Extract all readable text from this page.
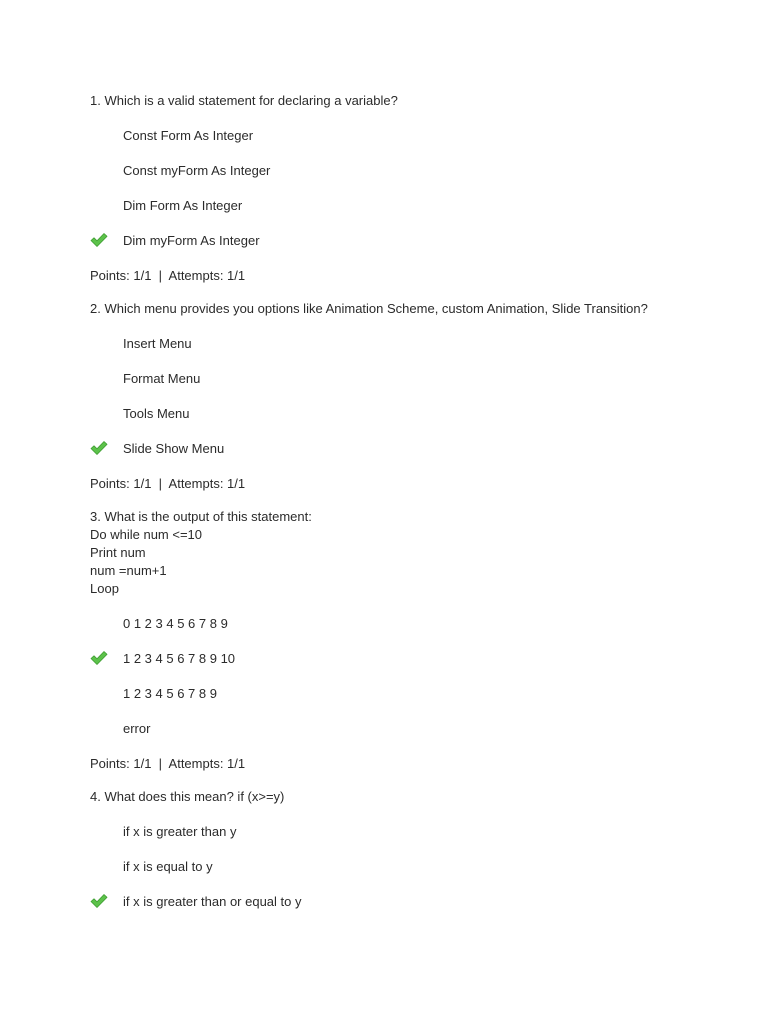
1. Which is a valid statement for declaring a variable?
Const Form As Integer
Const myForm As Integer
Dim Form As Integer
Dim myForm As Integer
Points: 1/1  |  Attempts: 1/1
2. Which menu provides you options like Animation Scheme, custom Animation, Slide Transition?
Insert Menu
Format Menu
Tools Menu
Slide Show Menu
Points: 1/1  |  Attempts: 1/1
3. What is the output of this statement:
Do while num <=10
Print num
num =num+1
Loop
0 1 2 3 4 5 6 7 8 9
1 2 3 4 5 6 7 8 9 10
1 2 3 4 5 6 7 8 9
error
Points: 1/1  |  Attempts: 1/1
4. What does this mean? if (x>=y)
if x is greater than y
if x is equal to y
if x is greater than or equal to y
